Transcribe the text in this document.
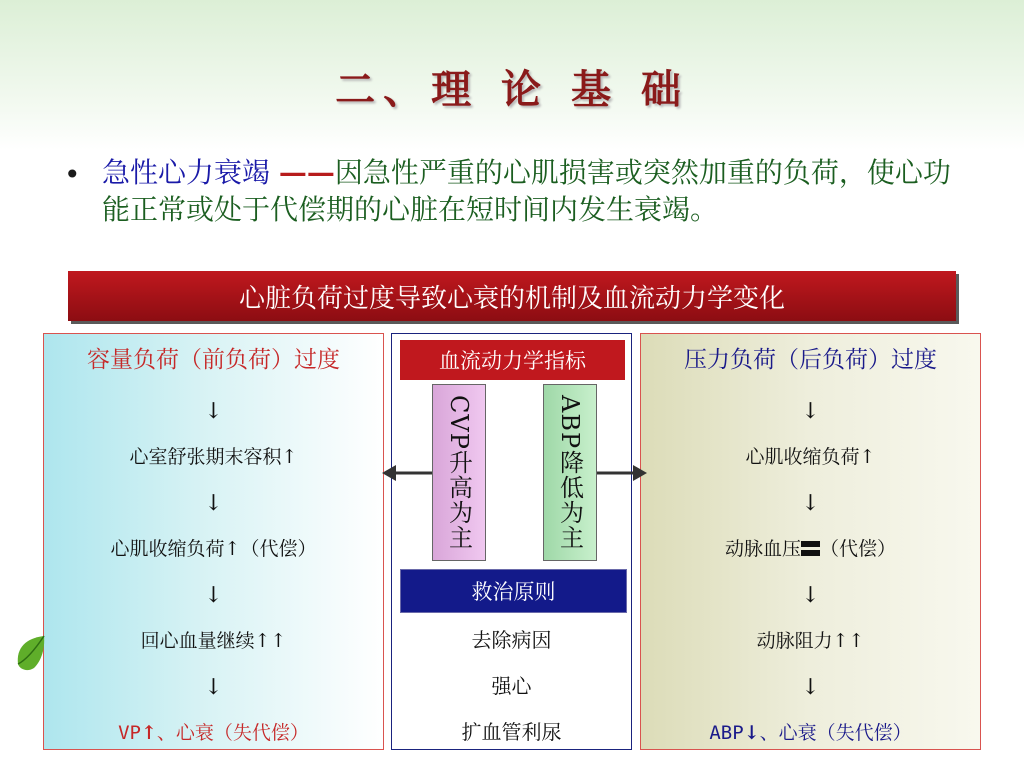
二、理 论 基 础
• 急性心力衰竭 ——因急性严重的心肌损害或突然加重的负荷，使心功能正常或处于代偿期的心脏在短时间内发生衰竭。
心脏负荷过度导致心衰的机制及血流动力学变化
容量负荷（前负荷）过度
↓
心室舒张期末容积↑
↓
心肌收缩负荷↑（代偿）
↓
回心血量继续↑↑
↓
VP↑、心衰（失代偿）
血流动力学指标
CVP
升高为主
ABP
降低为主
救治原则
去除病因
强心
扩血管利尿
压力负荷（后负荷）过度
↓
心肌收缩负荷↑
↓
动脉血压 （代偿）
↓
动脉阻力↑↑
↓
ABP↓、心衰（失代偿）
